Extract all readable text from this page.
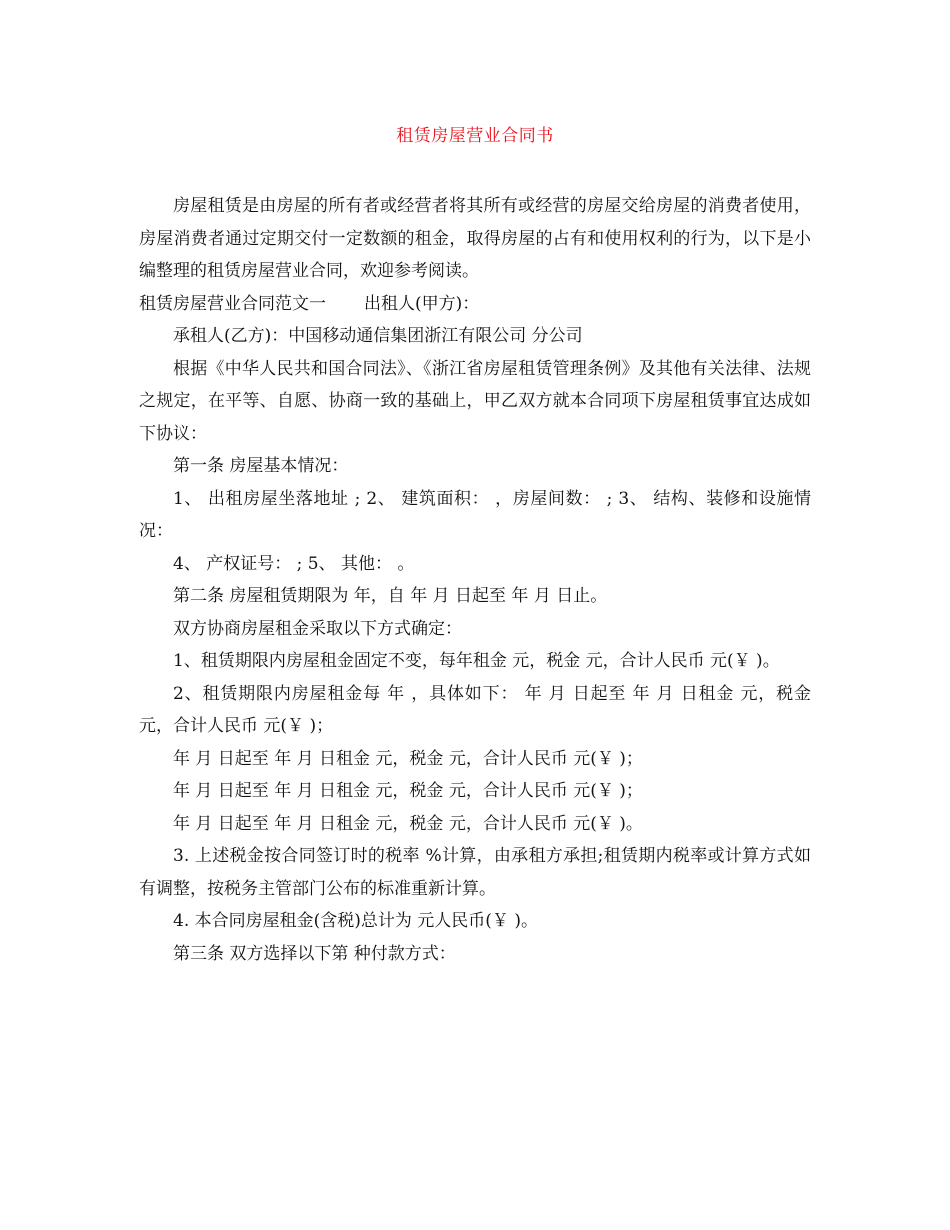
租赁房屋营业合同书

房屋租赁是由房屋的所有者或经营者将其所有或经营的房屋交给房屋的消费者使用，房屋消费者通过定期交付一定数额的租金，取得房屋的占有和使用权利的行为，以下是小编整理的租赁房屋营业合同，欢迎参考阅读。

租赁房屋营业合同范文一 出租人(甲方)：

承租人(乙方)：中国移动通信集团浙江有限公司 分公司

根据《中华人民共和国合同法》、《浙江省房屋租赁管理条例》及其他有关法律、法规之规定，在平等、自愿、协商一致的基础上，甲乙双方就本合同项下房屋租赁事宜达成如下协议：

第一条 房屋基本情况：

1、 出租房屋坐落地址 ; 2、 建筑面积： ，房屋间数： ; 3、 结构、装修和设施情况：

4、 产权证号： ; 5、 其他： 。

第二条 房屋租赁期限为 年，自 年 月 日起至 年 月 日止。

双方协商房屋租金采取以下方式确定：

1、租赁期限内房屋租金固定不变，每年租金 元，税金 元，合计人民币 元(￥ )。

2、租赁期限内房屋租金每 年 ，具体如下： 年 月 日起至 年 月 日租金 元，税金 元，合计人民币 元(￥ )；

年 月 日起至 年 月 日租金 元，税金 元，合计人民币 元(￥ )；

年 月 日起至 年 月 日租金 元，税金 元，合计人民币 元(￥ )；

年 月 日起至 年 月 日租金 元，税金 元，合计人民币 元(￥ )。

3. 上述税金按合同签订时的税率 %计算，由承租方承担;租赁期内税率或计算方式如有调整，按税务主管部门公布的标准重新计算。

4. 本合同房屋租金(含税)总计为 元人民币(￥ )。

第三条 双方选择以下第 种付款方式：
